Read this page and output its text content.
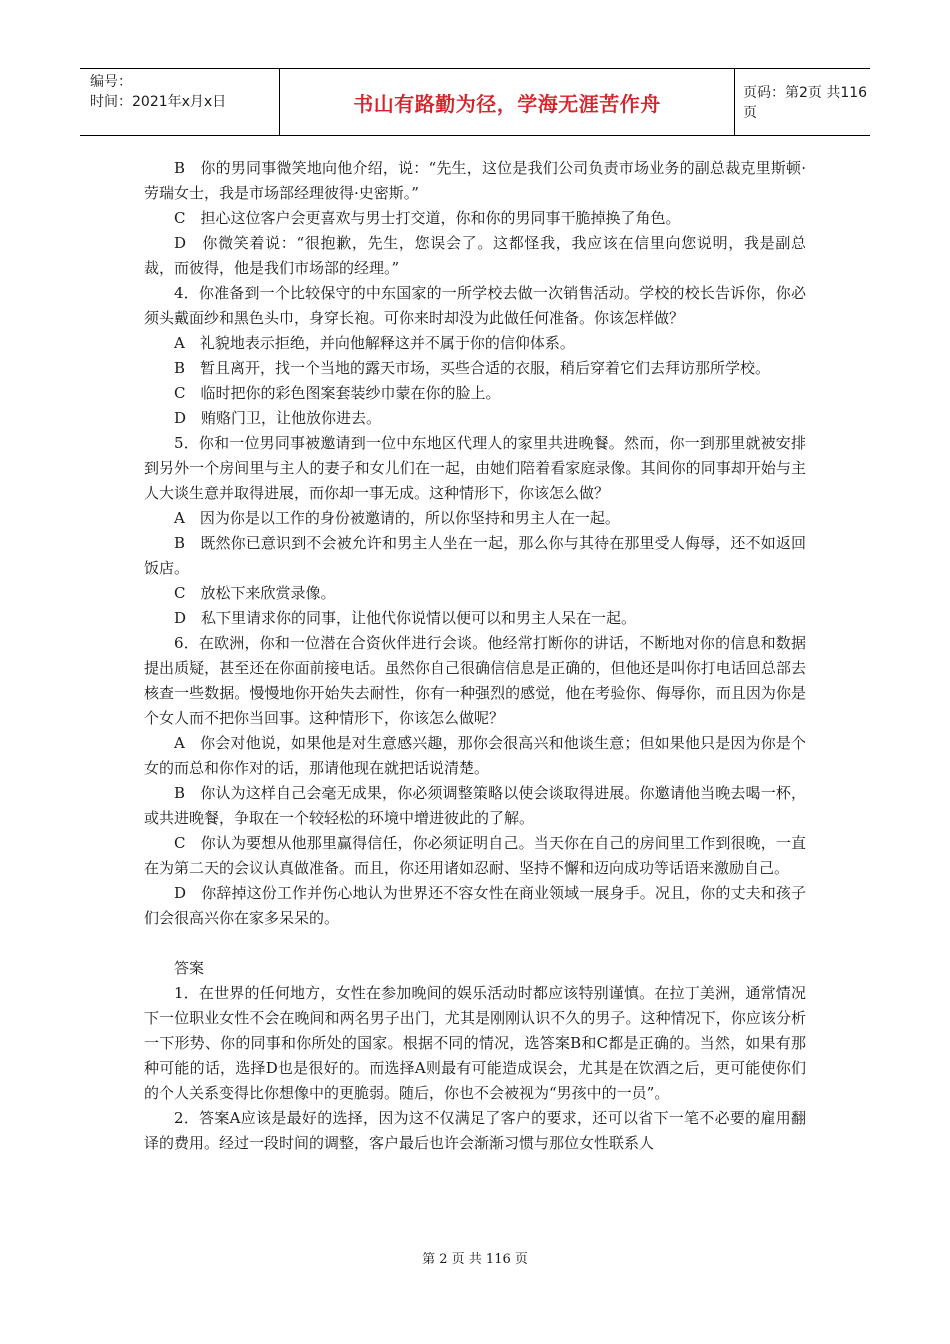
编号：
时间：2021年x月x日	书山有路勤为径，学海无涯苦作舟	页码：第2页 共116页

B　你的男同事微笑地向他介绍，说：“先生，这位是我们公司负责市场业务的副总裁克里斯顿·劳瑞女士，我是市场部经理彼得·史密斯。”

C　担心这位客户会更喜欢与男士打交道，你和你的男同事干脆掉换了角色。

D　你微笑着说：“很抱歉，先生，您误会了。这都怪我，我应该在信里向您说明，我是副总裁，而彼得，他是我们市场部的经理。”

4．你准备到一个比较保守的中东国家的一所学校去做一次销售活动。学校的校长告诉你，你必须头戴面纱和黑色头巾，身穿长袍。可你来时却没为此做任何准备。你该怎样做？

A　礼貌地表示拒绝，并向他解释这并不属于你的信仰体系。

B　暂且离开，找一个当地的露天市场，买些合适的衣服，稍后穿着它们去拜访那所学校。

C　临时把你的彩色图案套装纱巾蒙在你的脸上。

D　贿赂门卫，让他放你进去。

5．你和一位男同事被邀请到一位中东地区代理人的家里共进晚餐。然而，你一到那里就被安排到另外一个房间里与主人的妻子和女儿们在一起，由她们陪着看家庭录像。其间你的同事却开始与主人大谈生意并取得进展，而你却一事无成。这种情形下，你该怎么做？

A　因为你是以工作的身份被邀请的，所以你坚持和男主人在一起。

B　既然你已意识到不会被允许和男主人坐在一起，那么你与其待在那里受人侮辱，还不如返回饭店。

C　放松下来欣赏录像。

D　私下里请求你的同事，让他代你说情以便可以和男主人呆在一起。

6．在欧洲，你和一位潜在合资伙伴进行会谈。他经常打断你的讲话，不断地对你的信息和数据提出质疑，甚至还在你面前接电话。虽然你自己很确信信息是正确的，但他还是叫你打电话回总部去核查一些数据。慢慢地你开始失去耐性，你有一种强烈的感觉，他在考验你、侮辱你，而且因为你是个女人而不把你当回事。这种情形下，你该怎么做呢？

A　你会对他说，如果他是对生意感兴趣，那你会很高兴和他谈生意；但如果他只是因为你是个女的而总和你作对的话，那请他现在就把话说清楚。

B　你认为这样自己会毫无成果，你必须调整策略以使会谈取得进展。你邀请他当晚去喝一杯，或共进晚餐，争取在一个较轻松的环境中增进彼此的了解。

C　你认为要想从他那里赢得信任，你必须证明自己。当天你在自己的房间里工作到很晚，一直在为第二天的会议认真做准备。而且，你还用诸如忍耐、坚持不懈和迈向成功等话语来激励自己。

D　你辞掉这份工作并伤心地认为世界还不容女性在商业领域一展身手。况且，你的丈夫和孩子们会很高兴你在家多呆呆的。

答案

1．在世界的任何地方，女性在参加晚间的娱乐活动时都应该特别谨慎。在拉丁美洲，通常情况下一位职业女性不会在晚间和两名男子出门，尤其是刚刚认识不久的男子。这种情况下，你应该分析一下形势、你的同事和你所处的国家。根据不同的情况，选答案B和C都是正确的。当然，如果有那种可能的话，选择D也是很好的。而选择A则最有可能造成误会，尤其是在饮酒之后，更可能使你们的个人关系变得比你想像中的更脆弱。随后，你也不会被视为“男孩中的一员”。

2．答案A应该是最好的选择，因为这不仅满足了客户的要求，还可以省下一笔不必要的雇用翻译的费用。经过一段时间的调整，客户最后也许会渐渐习惯与那位女性联系人

第 2 页 共 116 页
